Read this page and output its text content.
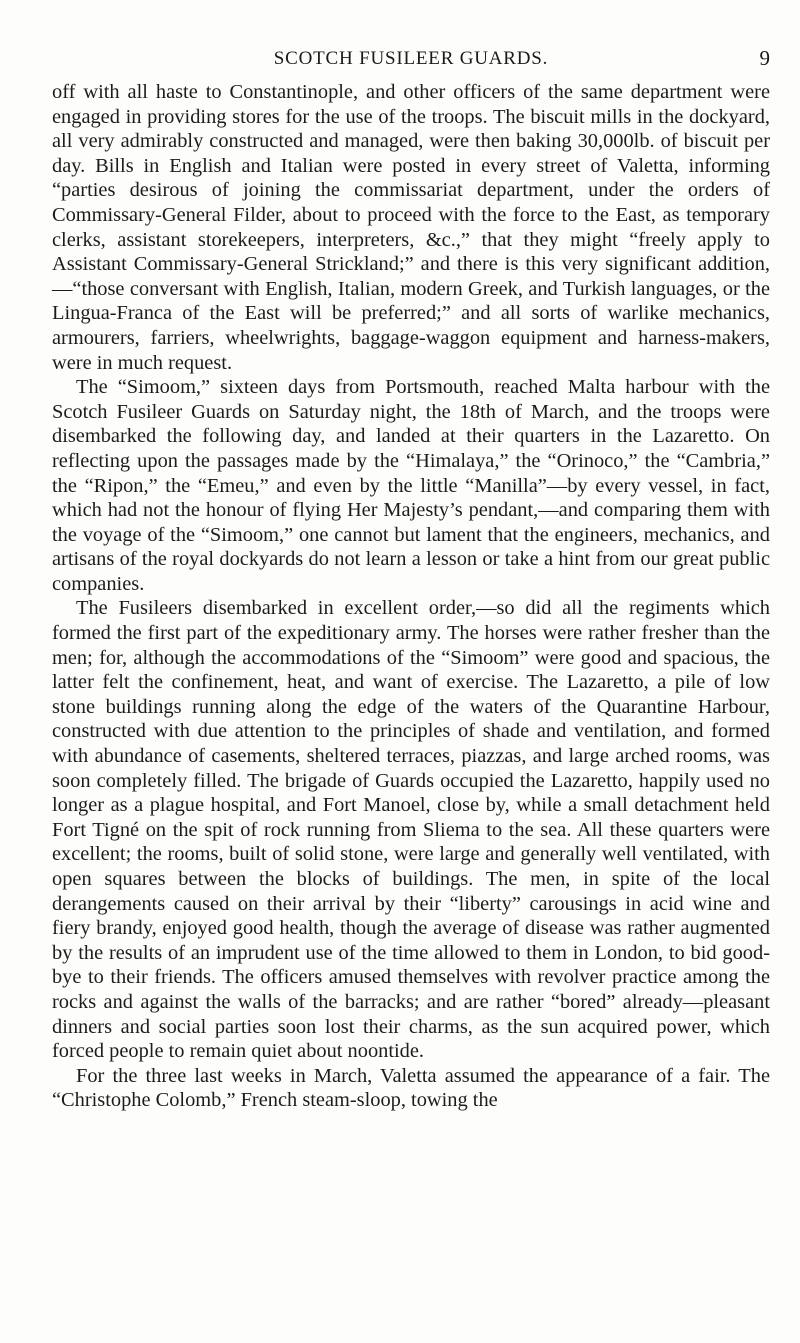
SCOTCH FUSILEER GUARDS.	9

off with all haste to Constantinople, and other officers of the same department were engaged in providing stores for the use of the troops. The biscuit mills in the dockyard, all very admirably constructed and managed, were then baking 30,000lb. of biscuit per day. Bills in English and Italian were posted in every street of Valetta, informing “parties desirous of joining the commissariat department, under the orders of Commissary-General Filder, about to proceed with the force to the East, as temporary clerks, assistant storekeepers, interpreters, &c.,” that they might “freely apply to Assistant Commissary-General Strickland;” and there is this very significant addition,—“those conversant with English, Italian, modern Greek, and Turkish languages, or the Lingua-Franca of the East will be preferred;” and all sorts of warlike mechanics, armourers, farriers, wheelwrights, baggage-waggon equipment and harness-makers, were in much request.

The “Simoom,” sixteen days from Portsmouth, reached Malta harbour with the Scotch Fusileer Guards on Saturday night, the 18th of March, and the troops were disembarked the following day, and landed at their quarters in the Lazaretto. On reflecting upon the passages made by the “Himalaya,” the “Orinoco,” the “Cambria,” the “Ripon,” the “Emeu,” and even by the little “Manilla”—by every vessel, in fact, which had not the honour of flying Her Majesty’s pendant,—and comparing them with the voyage of the “Simoom,” one cannot but lament that the engineers, mechanics, and artisans of the royal dockyards do not learn a lesson or take a hint from our great public companies.

The Fusileers disembarked in excellent order,—so did all the regiments which formed the first part of the expeditionary army. The horses were rather fresher than the men; for, although the accommodations of the “Simoom” were good and spacious, the latter felt the confinement, heat, and want of exercise. The Lazaretto, a pile of low stone buildings running along the edge of the waters of the Quarantine Harbour, constructed with due attention to the principles of shade and ventilation, and formed with abundance of casements, sheltered terraces, piazzas, and large arched rooms, was soon completely filled. The brigade of Guards occupied the Lazaretto, happily used no longer as a plague hospital, and Fort Manoel, close by, while a small detachment held Fort Tigné on the spit of rock running from Sliema to the sea. All these quarters were excellent; the rooms, built of solid stone, were large and generally well ventilated, with open squares between the blocks of buildings. The men, in spite of the local derangements caused on their arrival by their “liberty” carousings in acid wine and fiery brandy, enjoyed good health, though the average of disease was rather augmented by the results of an imprudent use of the time allowed to them in London, to bid good-bye to their friends. The officers amused themselves with revolver practice among the rocks and against the walls of the barracks; and are rather “bored” already—pleasant dinners and social parties soon lost their charms, as the sun acquired power, which forced people to remain quiet about noontide.

For the three last weeks in March, Valetta assumed the appearance of a fair. The “Christophe Colomb,” French steam-sloop, towing the
